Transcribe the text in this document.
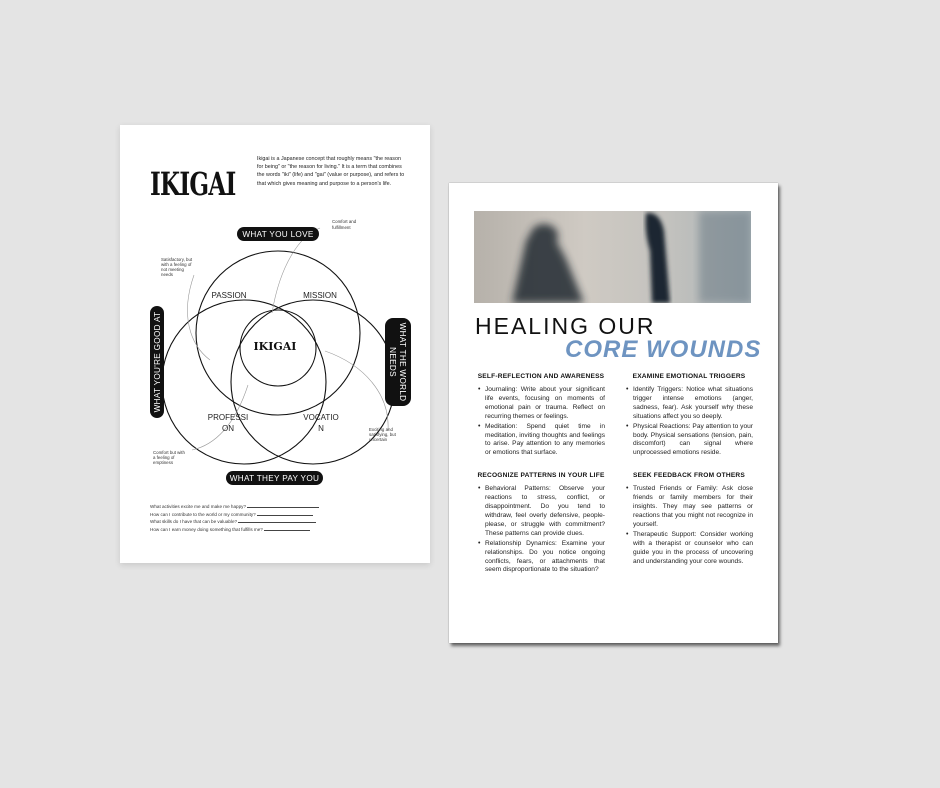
IKIGAI

Ikigai is a Japanese concept that roughly means "the reason for being" or "the reason for living." It is a term that combines the words "iki" (life) and "gai" (value or purpose), and refers to that which gives meaning and purpose to a person's life.

WHAT YOU LOVE
WHAT THEY PAY YOU
WHAT YOU'RE GOOD AT	WHAT THE WORLD
NEEDS
PASSION	MISSION
PROFESSI
ON
VOCATIO
N
IKIGAI
Comfort and
fulfillment
Satisfactory, but
with a feeling of
not meeting
needs
Exciting and
satisfying, but
uncertain
Comfort but with
a feeling of
emptiness
What activities excite me and make me happy?
How can I contribute to the world or my community?
What skills do I have that can be valuable?
How can I earn money doing something that fulfills me?
HEALING OUR
CORE WOUNDS
SELF-REFLECTION AND AWARENESS
• Journaling: Write about your significant life events, focusing on moments of emotional pain or trauma. Reflect on recurring themes or feelings.
• Meditation: Spend quiet time in meditation, inviting thoughts and feelings to arise. Pay attention to any memories or emotions that surface.
RECOGNIZE PATTERNS IN YOUR LIFE
• Behavioral Patterns: Observe your reactions to stress, conflict, or disappointment. Do you tend to withdraw, feel overly defensive, people-please, or struggle with commitment? These patterns can provide clues.
• Relationship Dynamics: Examine your relationships. Do you notice ongoing conflicts, fears, or attachments that seem disproportionate to the situation?
EXAMINE EMOTIONAL TRIGGERS
• Identify Triggers: Notice what situations trigger intense emotions (anger, sadness, fear). Ask yourself why these situations affect you so deeply.
• Physical Reactions: Pay attention to your body. Physical sensations (tension, pain, discomfort) can signal where unprocessed emotions reside.
SEEK FEEDBACK FROM OTHERS
• Trusted Friends or Family: Ask close friends or family members for their insights. They may see patterns or reactions that you might not recognize in yourself.
• Therapeutic Support: Consider working with a therapist or counselor who can guide you in the process of uncovering and understanding your core wounds.
